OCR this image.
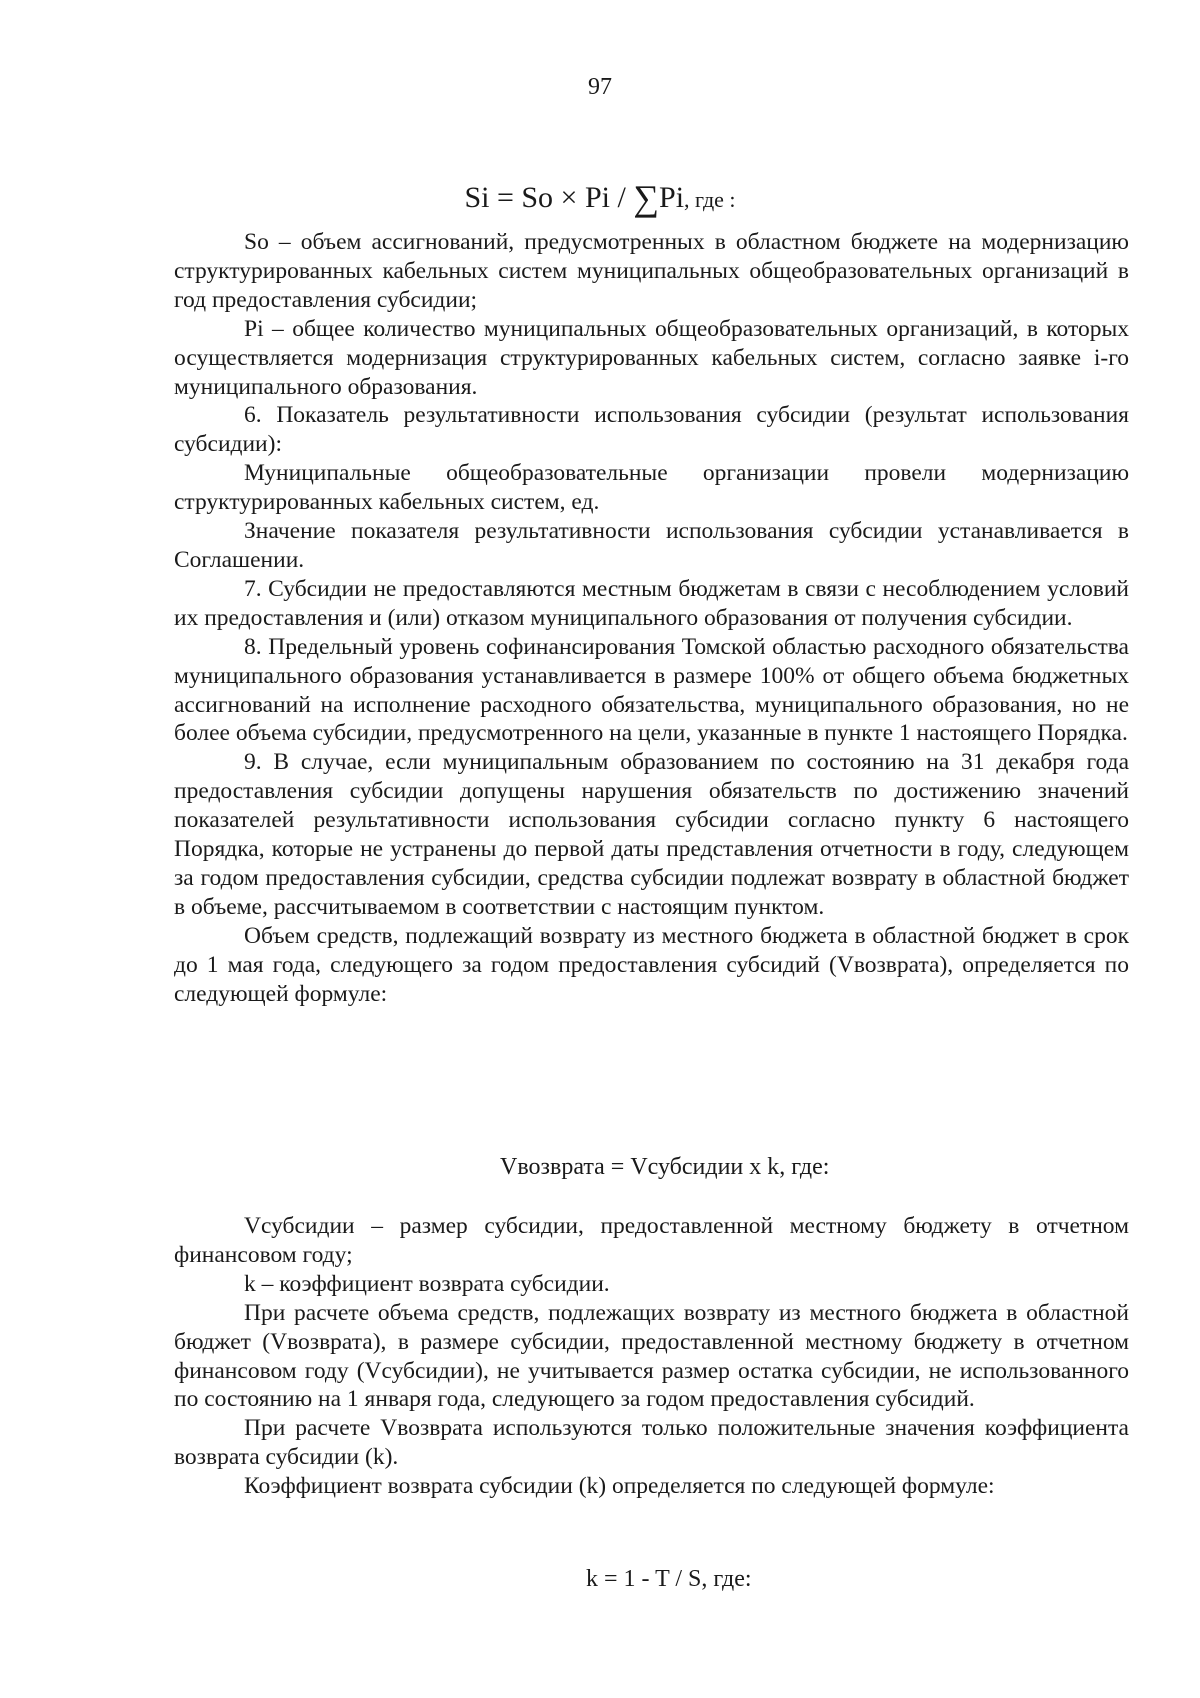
97
Si = So × Pi / ∑Pi, где :

So – объем ассигнований, предусмотренных в областном бюджете на модернизацию структурированных кабельных систем муниципальных общеобразовательных организаций в год предоставления субсидии;

Pi – общее количество муниципальных общеобразовательных организаций, в которых осуществляется модернизация структурированных кабельных систем, согласно заявке i-го муниципального образования.

6. Показатель результативности использования субсидии (результат использования субсидии):

Муниципальные общеобразовательные организации провели модернизацию структурированных кабельных систем, ед.

Значение показателя результативности использования субсидии устанавливается в Соглашении.

7. Субсидии не предоставляются местным бюджетам в связи с несоблюдением условий их предоставления и (или) отказом муниципального образования от получения субсидии.

8. Предельный уровень софинансирования Томской областью расходного обязательства муниципального образования устанавливается в размере 100% от общего объема бюджетных ассигнований на исполнение расходного обязательства, муниципального образования, но не более объема субсидии, предусмотренного на цели, указанные в пункте 1 настоящего Порядка.

9. В случае, если муниципальным образованием по состоянию на 31 декабря года предоставления субсидии допущены нарушения обязательств по достижению значений показателей результативности использования субсидии согласно пункту 6 настоящего Порядка, которые не устранены до первой даты представления отчетности в году, следующем за годом предоставления субсидии, средства субсидии подлежат возврату в областной бюджет в объеме, рассчитываемом в соответствии с настоящим пунктом.

Объем средств, подлежащий возврату из местного бюджета в областной бюджет в срок до 1 мая года, следующего за годом предоставления субсидий (Vвозврата), определяется по следующей формуле:

Vвозврата = Vсубсидии x k, где:

Vсубсидии – размер субсидии, предоставленной местному бюджету в отчетном финансовом году;

k – коэффициент возврата субсидии.

При расчете объема средств, подлежащих возврату из местного бюджета в областной бюджет (Vвозврата), в размере субсидии, предоставленной местному бюджету в отчетном финансовом году (Vсубсидии), не учитывается размер остатка субсидии, не использованного по состоянию на 1 января года, следующего за годом предоставления субсидий.

При расчете Vвозврата используются только положительные значения коэффициента возврата субсидии (k).

Коэффициент возврата субсидии (k) определяется по следующей формуле:

k = 1 - T / S, где:
